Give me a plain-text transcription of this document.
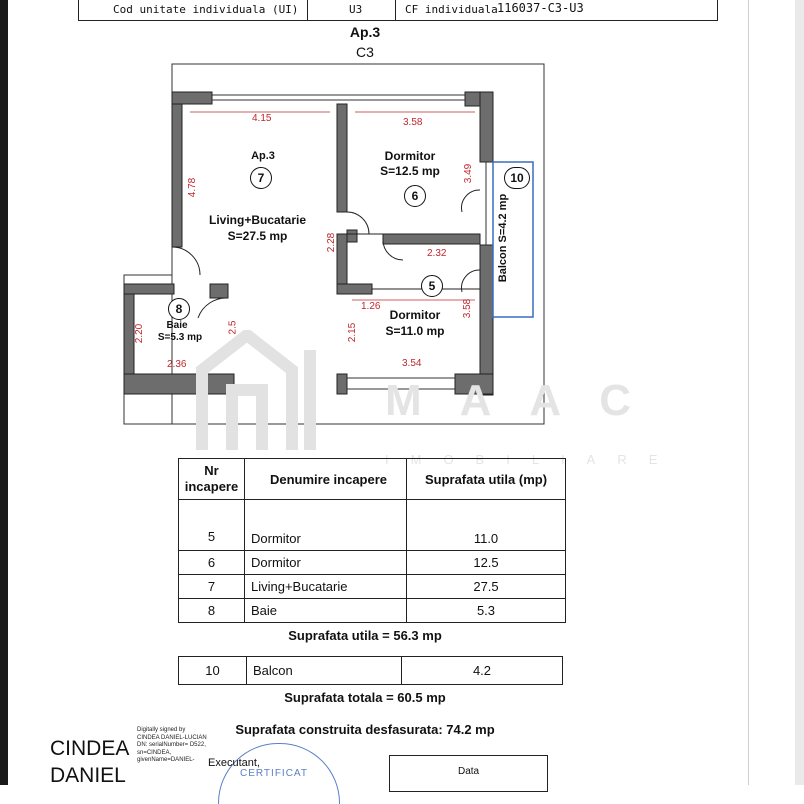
Cod unitate individuala (UI)	U3	CF individuala 116037-C3-U3
Ap.3
C3
Ap.3
7
Living+Bucatarie
S=27.5 mp
Dormitor
S=12.5 mp
6
5
Dormitor
S=11.0 mp
8
Baie
S=5.3 mp
10
Balcon S=4.2 mp
4.15	3.58
4.78
3.49
2.28
2.32
1.26	3.58
2.15
3.54
2.20
2.36
2.5
MAAC
IMOBILIARE
Nr
incapere	Denumire incapere	Suprafata utila (mp)
5	Dormitor	11.0
6	Dormitor	12.5
7	Living+Bucatarie	27.5
8	Baie	5.3
Suprafata utila = 56.3 mp
10	Balcon	4.2
Suprafata totala = 60.5 mp
Suprafata construita desfasurata: 74.2 mp
CERTIFICAT
CINDEA
DANIEL
Digitally signed by CINDEA DANIEL-LUCIAN DN: serialNumber= D522, sn=CINDEA, givenName=DANIEL-	Executant,
Data
